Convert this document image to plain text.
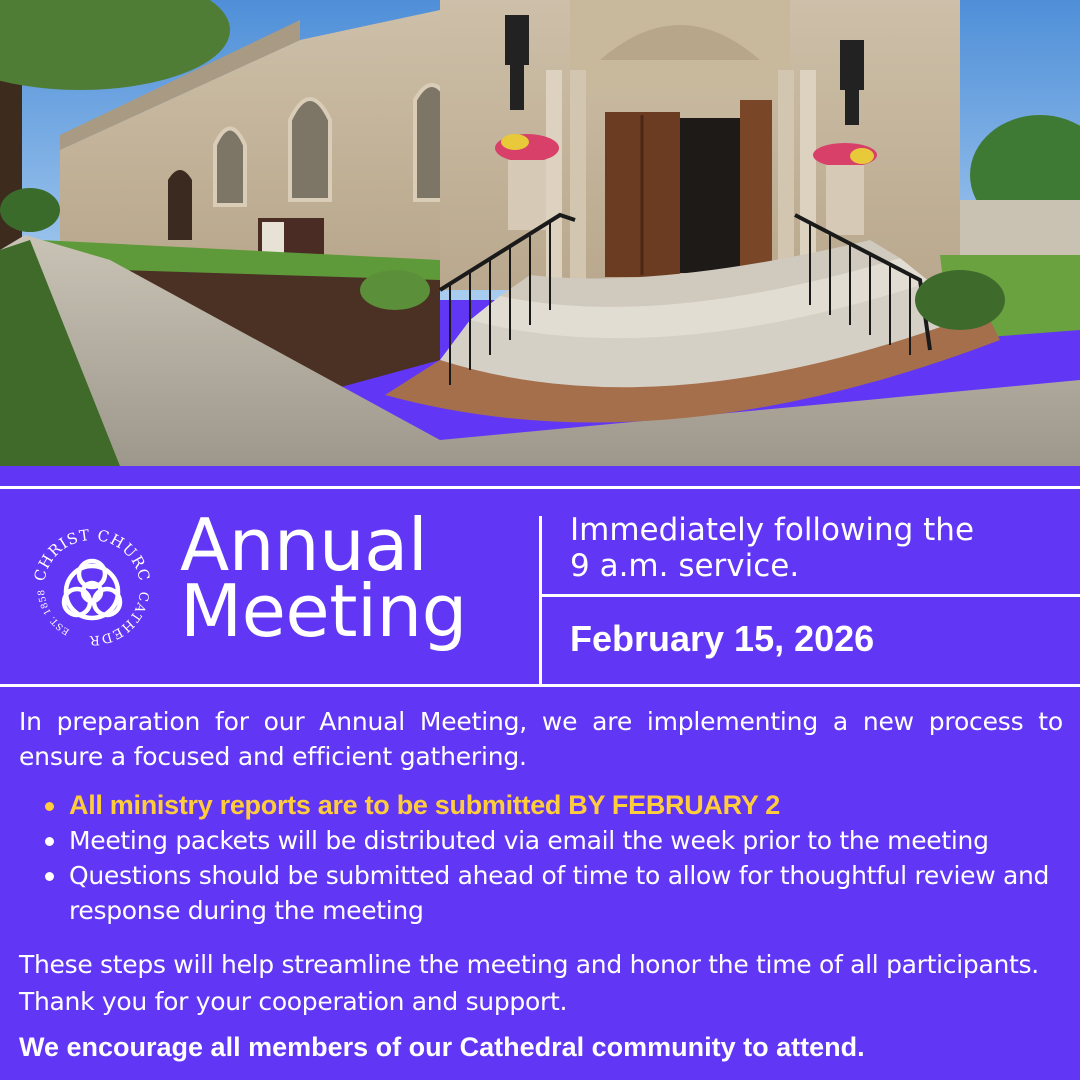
CHRIST CHURC
CATHEDR
EST. 1858
Annual
Meeting
Immediately following the
9 a.m. service.
February 15, 2026

In preparation for our Annual Meeting, we are implementing a new process to ensure a focused and efficient gathering.

All ministry reports are to be submitted BY FEBRUARY 2
Meeting packets will be distributed via email the week prior to the meeting
Questions should be submitted ahead of time to allow for thoughtful review and response during the meeting

These steps will help streamline the meeting and honor the time of all participants. Thank you for your cooperation and support.

We encourage all members of our Cathedral community to attend.
